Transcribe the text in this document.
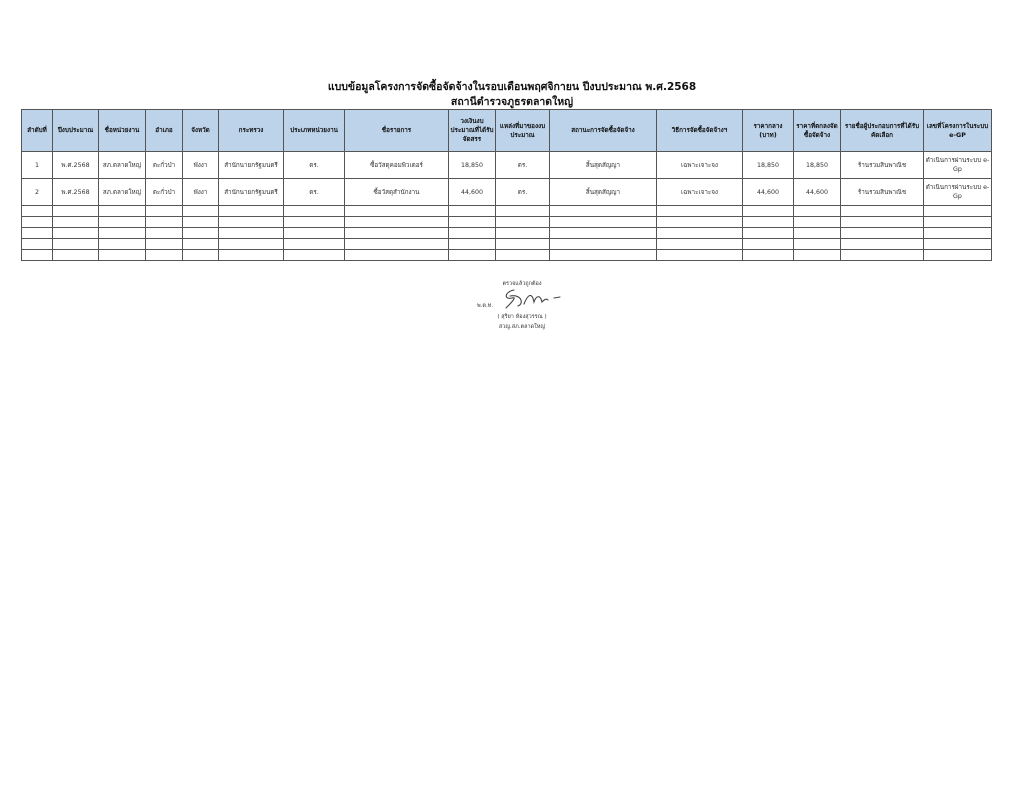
แบบข้อมูลโครงการจัดซื้อจัดจ้างในรอบเดือนพฤศจิกายน ปีงบประมาณ พ.ศ.2568
สถานีตำรวจภูธรตลาดใหญ่
ลำดับที่	ปีงบประมาณ	ชื่อหน่วยงาน	อำเภอ	จังหวัด	กระทรวง	ประเภทหน่วยงาน	ชื่อรายการ	วงเงินงบประมาณที่ได้รับจัดสรร	แหล่งที่มาของงบประมาณ	สถานะการจัดซื้อจัดจ้าง	วิธีการจัดซื้อจัดจ้างฯ	ราคากลาง (บาท)	ราคาที่ตกลงจัดซื้อจัดจ้าง	รายชื่อผู้ประกอบการที่ได้รับคัดเลือก	เลขที่โครงการในระบบ e-GP
1	พ.ศ.2568	สภ.ตลาดใหญ่	ตะกั่วป่า	พังงา	สำนักนายกรัฐมนตรี	ตร.	ซื้อวัสดุคอมพิวเตอร์	18,850	ตร.	สิ้นสุดสัญญา	เฉพาะเจาะจง	18,850	18,850	ร้านรวมสินพาณิช	ดำเนินการผ่านระบบ e-Gp
2	พ.ศ.2568	สภ.ตลาดใหญ่	ตะกั่วป่า	พังงา	สำนักนายกรัฐมนตรี	ตร.	ซื้อวัสดุสำนักงาน	44,600	ตร.	สิ้นสุดสัญญา	เฉพาะเจาะจง	44,600	44,600	ร้านรวมสินพาณิช	ดำเนินการผ่านระบบ e-Gp

ตรวจแล้วถูกต้อง
พ.ต.ท.
( สุริยา ห้องสุวรรณ )
สวญ.สภ.ตลาดใหญ่
